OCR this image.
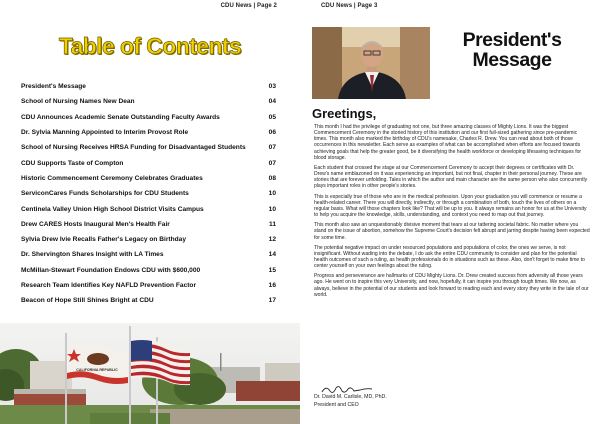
CDU News | Page 2
Table of Contents
President's Message	03
School of Nursing Names New Dean	04
CDU Announces Academic Senate Outstanding Faculty Awards	05
Dr. Sylvia Manning Appointed to Interim Provost Role	06
School of Nursing Receives HRSA Funding for Disadvantaged Students	07
CDU Supports Taste of Compton	07
Historic Commencement Ceremony Celebrates Graduates	08
ServiconCares Funds Scholarships for CDU Students	10
Centinela Valley Union High School District Visits Campus	10
Drew CARES Hosts Inaugural Men's Health Fair	11
Sylvia Drew Ivie Recalls Father's Legacy on Birthday	12
Dr. Shervington Shares Insight with LA Times	14
McMillan-Stewart Foundation Endows CDU with $600,000	15
Research Team Identifies Key NAFLD Prevention Factor	16
Beacon of Hope Still Shines Bright at CDU	17
CALIFORNIA REPUBLIC
CDU News | Page 3
President's
Message
Greetings,

This month I had the privilege of graduating not one, but three amazing classes of Mighty Lions. It was the biggest Commencement Ceremony in the storied history of this institution and our first full-sized gathering since pre-pandemic times. This month also marked the birthday of CDU's namesake, Charles R. Drew. You can read about both of those occurrences in this newsletter. Each serve as examples of what can be accomplished when efforts are focused towards achieving goals that help the greater good, be it diversifying the health workforce or developing lifesaving techniques for blood storage.

Each student that crossed the stage at our Commencement Ceremony to accept their degrees or certificates with Dr. Drew's name emblazoned on it was experiencing an important, but not final, chapter in their personal journey. These are stories that are forever unfolding. Tales in which the author and main character are the same person who also concurrently plays important roles in other people's stories.

This is especially true of those who are in the medical profession. Upon your graduation you will commence or resume a health-related career. There you will directly, indirectly, or through a combination of both, touch the lives of others on a regular basis. What will those chapters look like? That will be up to you. It always remains an honor for us at the University to help you acquire the knowledge, skills, understanding, and context you need to map out that journey.

This month also saw an unquestionably divisive moment that tears at our tattering societal fabric. No matter where you stand on the issue of abortion, somehow the Supreme Court's decision felt abrupt and jarring despite having been expected for some time.

The potential negative impact on under resourced populations and populations of color, the ones we serve, is not insignificant. Without wading into the debate, I do ask the entire CDU community to consider and plan for the potential health outcomes of such a ruling, as health professionals do in situations such as these. Also, don't forget to make time to center yourself on your own feelings about the ruling.

Progress and perseverance are hallmarks of CDU Mighty Lions. Dr. Drew created success from adversity all those years ago. He went on to inspire this very University, and now, hopefully, it can inspire you through tough times. We now, as always, believe in the potential of our students and look forward to reading each and every story they write in the tale of our world.

Dr. David M. Carlisle, MD, PhD.
President and CEO
